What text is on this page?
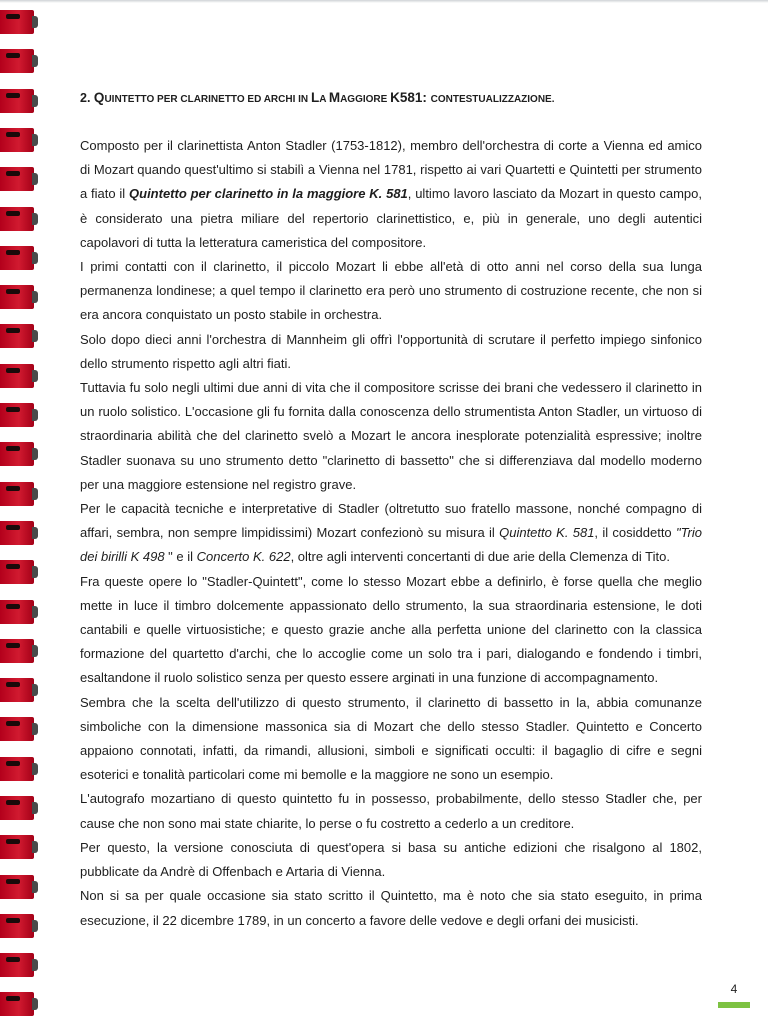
2. QUINTETTO PER CLARINETTO ED ARCHI IN LA MAGGIORE K581: CONTESTUALIZZAZIONE.

Composto per il clarinettista Anton Stadler (1753-1812), membro dell'orchestra di corte a Vienna ed amico di Mozart quando quest'ultimo si stabilì a Vienna nel 1781, rispetto ai vari Quartetti e Quintetti per strumento a fiato il Quintetto per clarinetto in la maggiore K. 581, ultimo lavoro lasciato da Mozart in questo campo, è considerato una pietra miliare del repertorio clarinettistico, e, più in generale, uno degli autentici capolavori di tutta la letteratura cameristica del compositore.

I primi contatti con il clarinetto, il piccolo Mozart li ebbe all'età di otto anni nel corso della sua lunga permanenza londinese; a quel tempo il clarinetto era però uno strumento di costruzione recente, che non si era ancora conquistato un posto stabile in orchestra.

Solo dopo dieci anni l'orchestra di Mannheim gli offrì l'opportunità di scrutare il perfetto impiego sinfonico dello strumento rispetto agli altri fiati.

Tuttavia fu solo negli ultimi due anni di vita che il compositore scrisse dei brani che vedessero il clarinetto in un ruolo solistico. L'occasione gli fu fornita dalla conoscenza dello strumentista Anton Stadler, un virtuoso di straordinaria abilità che del clarinetto svelò a Mozart le ancora inesplorate potenzialità espressive; inoltre Stadler suonava su uno strumento detto "clarinetto di bassetto" che si differenziava dal modello moderno per una maggiore estensione nel registro grave.

Per le capacità tecniche e interpretative di Stadler (oltretutto suo fratello massone, nonché compagno di affari, sembra, non sempre limpidissimi) Mozart confezionò su misura il Quintetto K. 581, il cosiddetto "Trio dei birilli K 498 " e il Concerto K. 622, oltre agli interventi concertanti di due arie della Clemenza di Tito.

Fra queste opere lo "Stadler-Quintett", come lo stesso Mozart ebbe a definirlo, è forse quella che meglio mette in luce il timbro dolcemente appassionato dello strumento, la sua straordinaria estensione, le doti cantabili e quelle virtuosistiche; e questo grazie anche alla perfetta unione del clarinetto con la classica formazione del quartetto d'archi, che lo accoglie come un solo tra i pari, dialogando e fondendo i timbri, esaltandone il ruolo solistico senza per questo essere arginati in una funzione di accompagnamento.

Sembra che la scelta dell'utilizzo di questo strumento, il clarinetto di bassetto in la, abbia comunanze simboliche con la dimensione massonica sia di Mozart che dello stesso Stadler. Quintetto e Concerto appaiono connotati, infatti, da rimandi, allusioni, simboli e significati occulti: il bagaglio di cifre e segni esoterici e tonalità particolari come mi bemolle e la maggiore ne sono un esempio.

L'autografo mozartiano di questo quintetto fu in possesso, probabilmente, dello stesso Stadler che, per cause che non sono mai state chiarite, lo perse o fu costretto a cederlo a un creditore.

Per questo, la versione conosciuta di quest'opera si basa su antiche edizioni che risalgono al 1802, pubblicate da Andrè di Offenbach e Artaria di Vienna.

Non si sa per quale occasione sia stato scritto il Quintetto, ma è noto che sia stato eseguito, in prima esecuzione, il 22 dicembre 1789, in un concerto a favore delle vedove e degli orfani dei musicisti.

4
